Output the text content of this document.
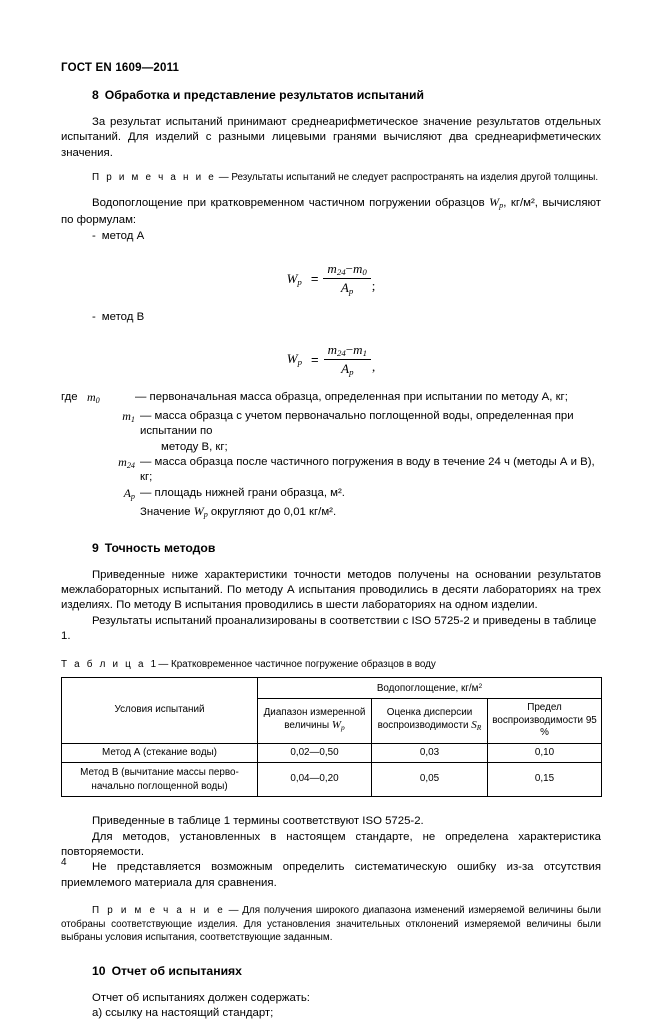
ГОСТ EN 1609—2011
8 Обработка и представление результатов испытаний

За результат испытаний принимают среднеарифметическое значение результатов отдельных испытаний. Для изделий с разными лицевыми гранями вычисляют два среднеарифметических значения.

П р и м е ч а н и е — Результаты испытаний не следует распространять на изделия другой толщины.

Водопоглощение при кратковременном частичном погружении образцов $W_p$, кг/м², вычисляют по формулам:

- метод А
$W_p = \frac{m_{24}-m_0}{A_p}$ ;
- метод B
$W_p = \frac{m_{24}-m_1}{A_p}$ ,
где $m_0$	— первоначальная масса образца, определенная при испытании по методу А, кг;
$m_1$ — масса образца с учетом первоначально поглощенной воды, определенная при испытании по
методу B, кг;
$m_{24}$ — масса образца после частичного погружения в воду в течение 24 ч (методы А и В), кг;
$A_p$ — площадь нижней грани образца, м².
Значение $W_p$ округляют до 0,01 кг/м².
9 Точность методов

Приведенные ниже характеристики точности методов получены на основании результатов межлабораторных испытаний. По методу А испытания проводились в десяти лабораториях на трех изделиях. По методу В испытания проводились в шести лабораториях на одном изделии.

Результаты испытаний проанализированы в соответствии с ISO 5725-2 и приведены в таблице 1.

Т а б л и ц а 1— Кратковременное частичное погружение образцов в воду
Условия испытаний	Водопоглощение, $кг/м^2$
	Диапазон измеренной
величины $W_p$	Оценка дисперсии
воспроизводимости $S_R$	Предел
воспроизводимости 95 %
Метод А (стекание воды)	0,02—0,50	0,03	0,10
Метод В (вычитание массы перво-
начально поглощенной воды)	0,04—0,20	0,05	0,15

Приведенные в таблице 1 термины соответствуют ISO 5725-2.

Для методов, установленных в настоящем стандарте, не определена характеристика повторяемости.

Не представляется возможным определить систематическую ошибку из-за отсутствия приемлемого материала для сравнения.

П р и м е ч а н и е — Для получения широкого диапазона изменений измеряемой величины были отобраны соответствующие изделия. Для установления значительных отклонений измеряемой величины были выбраны условия испытания, соответствующие заданным.

10 Отчет об испытаниях

Отчет об испытаниях должен содержать:

а) ссылку на настоящий стандарт;

4
